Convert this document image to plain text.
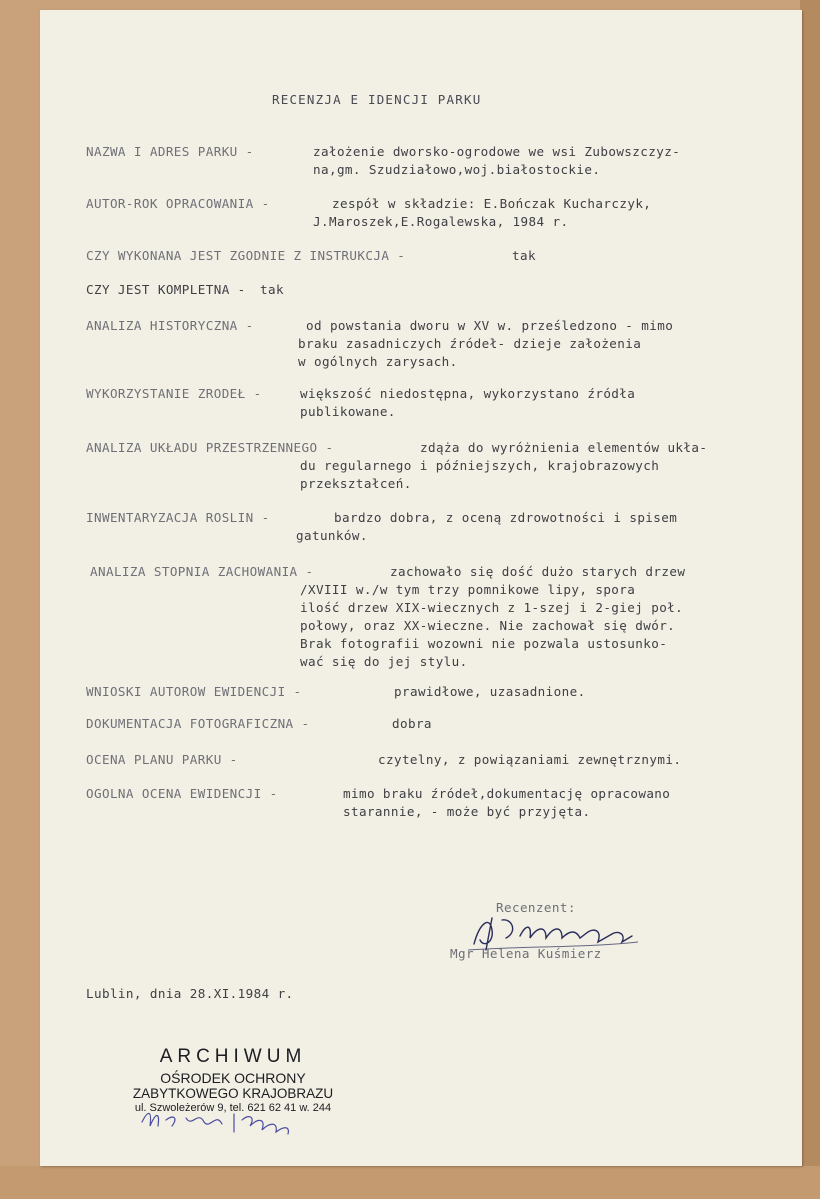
RECENZJA E IDENCJI PARKU
NAZWA I ADRES PARKU -	założenie dworsko-ogrodowe we wsi Zubowszczyz-
na,gm. Szudziałowo,woj.białostockie.
AUTOR-ROK OPRACOWANIA -	zespół w składzie: E.Bończak Kucharczyk,
J.Maroszek,E.Rogalewska, 1984 r.
CZY WYKONANA JEST ZGODNIE Z INSTRUKCJA -	tak
CZY JEST KOMPLETNA - tak
ANALIZA HISTORYCZNA -	od powstania dworu w XV w. prześledzono - mimo
braku zasadniczych źródeł- dzieje założenia
w ogólnych zarysach.
WYKORZYSTANIE ZRODEŁ - większość niedostępna, wykorzystano źródła
publikowane.
ANALIZA UKŁADU PRZESTRZENNEGO -	zdąża do wyróżnienia elementów ukła-
du regularnego i późniejszych, krajobrazowych
przekształceń.
INWENTARYZACJA ROSLIN -	bardzo dobra, z oceną zdrowotności i spisem
gatunków.
ANALIZA STOPNIA ZACHOWANIA -	zachowało się dość dużo starych drzew
/XVIII w./w tym trzy pomnikowe lipy, spora
ilość drzew XIX-wiecznych z 1-szej i 2-giej poł.
połowy, oraz XX-wieczne. Nie zachował się dwór.
Brak fotografii wozowni nie pozwala ustosunko-
wać się do jej stylu.
WNIOSKI AUTOROW EWIDENCJI -	prawidłowe, uzasadnione.
DOKUMENTACJA FOTOGRAFICZNA -	dobra
OCENA PLANU PARKU -	czytelny, z powiązaniami zewnętrznymi.
OGOLNA OCENA EWIDENCJI -	mimo braku źródeł,dokumentację opracowano
starannie, - może być przyjęta.
Recenzent:
Mgr Helena Kuśmierz
Lublin, dnia 28.XI.1984 r.
ARCHIWUM
OŚRODEK OCHRONY
ZABYTKOWEGO KRAJOBRAZU
ul. Szwoleżerów 9, tel. 621 62 41 w. 244
